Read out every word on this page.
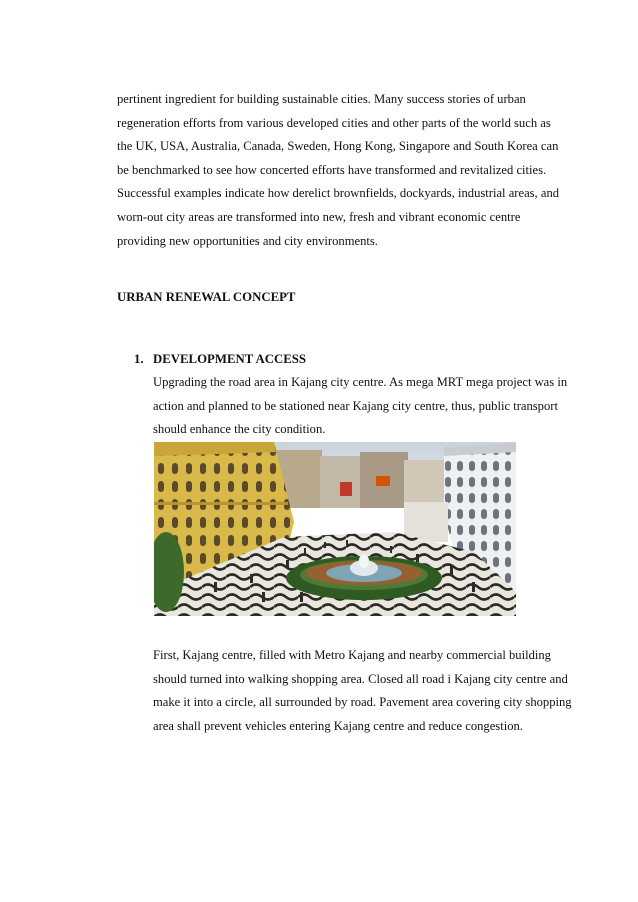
pertinent ingredient for building sustainable cities. Many success stories of urban regeneration efforts from various developed cities and other parts of the world such as the UK, USA, Australia, Canada, Sweden, Hong Kong, Singapore and South Korea can be benchmarked to see how concerted efforts have transformed and revitalized cities. Successful examples indicate how derelict brownfields, dockyards, industrial areas, and worn-out city areas are transformed into new, fresh and vibrant economic centre providing new opportunities and city environments.

URBAN RENEWAL CONCEPT
1. DEVELOPMENT ACCESS

Upgrading the road area in Kajang city centre. As mega MRT mega project was in action and planned to be stationed near Kajang city centre, thus, public transport should enhance the city condition.

First, Kajang centre, filled with Metro Kajang and nearby commercial building should turned into walking shopping area. Closed all road i Kajang city centre and make it into a circle, all surrounded by road. Pavement area covering city shopping area shall prevent vehicles entering Kajang centre and reduce congestion.
